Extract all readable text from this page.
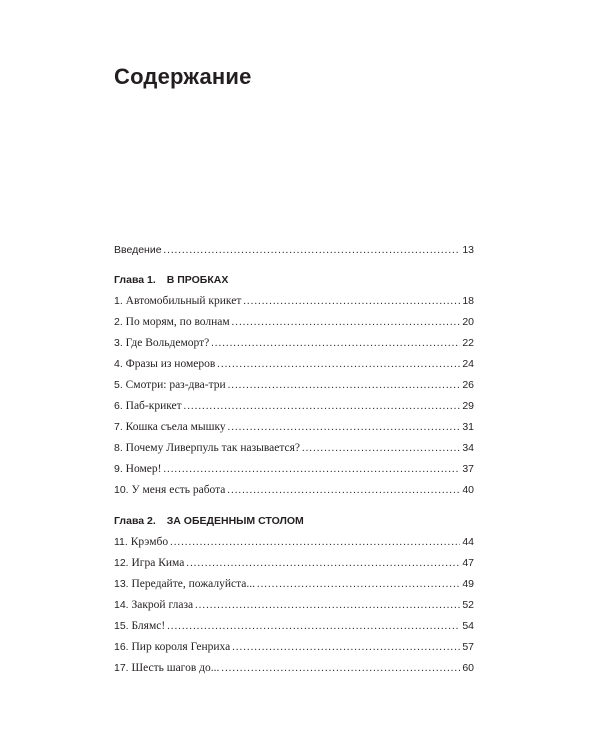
Содержание
Введение .....	13
Глава 1. В ПРОБКАХ
1. Автомобильный крикет .....	18
2. По морям, по волнам .....	20
3. Где Вольдеморт? .....	22
4. Фразы из номеров .....	24
5. Смотри: раз-два-три .....	26
6. Паб-крикет .....	29
7. Кошка съела мышку .....	31
8. Почему Ливерпуль так называется? .....	34
9. Номер! .....	37
10. У меня есть работа .....	40
Глава 2. ЗА ОБЕДЕННЫМ СТОЛОМ
11. Крэмбо .....	44
12. Игра Кима .....	47
13. Передайте, пожалуйста... .....	49
14. Закрой глаза .....	52
15. Блямс! .....	54
16. Пир короля Генриха .....	57
17. Шесть шагов до... .....	60
